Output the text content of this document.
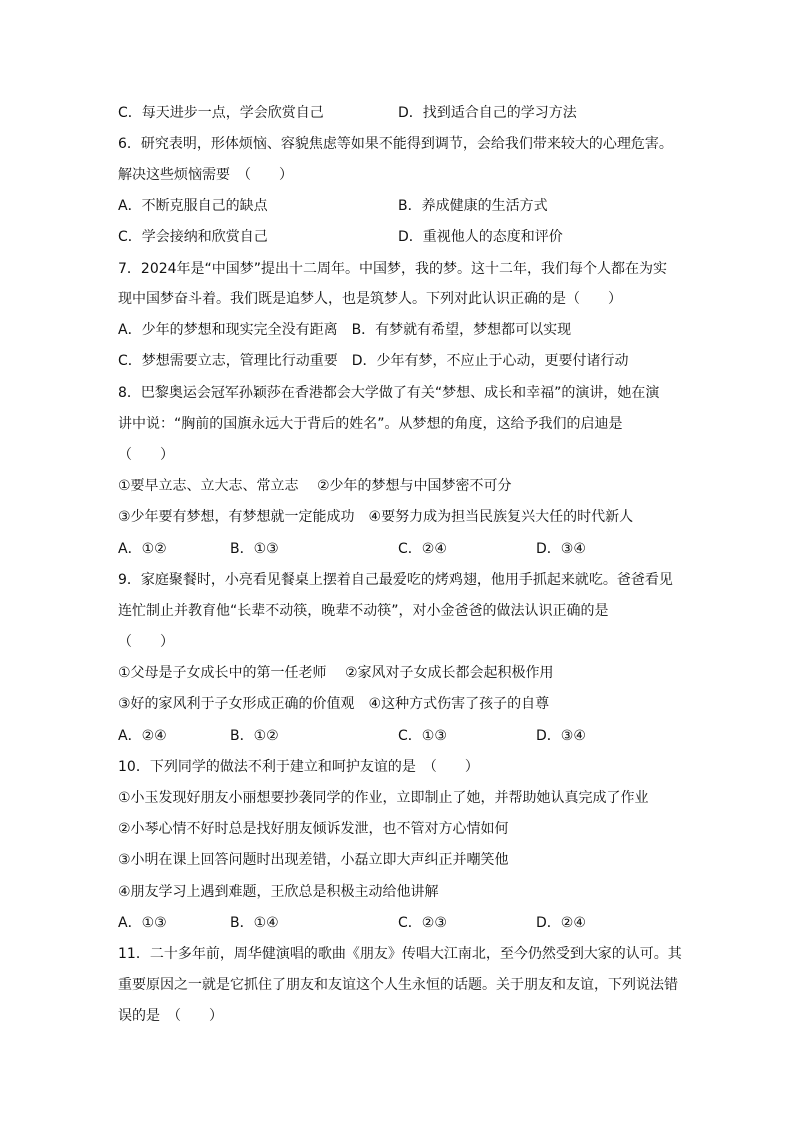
C．每天进步一点，学会欣赏自己	D．找到适合自己的学习方法
6．研究表明，形体烦恼、容貌焦虑等如果不能得到调节，会给我们带来较大的心理危害。
解决这些烦恼需要　（　　）
A．不断克服自己的缺点	B．养成健康的生活方式
C．学会接纳和欣赏自己	D．重视他人的态度和评价
7．2024年是“中国梦”提出十二周年。中国梦，我的梦。这十二年，我们每个人都在为实
现中国梦奋斗着。我们既是追梦人，也是筑梦人。下列对此认识正确的是（　　）
A．少年的梦想和现实完全没有距离　B．有梦就有希望，梦想都可以实现
C．梦想需要立志，管理比行动重要　D．少年有梦，不应止于心动，更要付诸行动
8．巴黎奥运会冠军孙颖莎在香港都会大学做了有关“梦想、成长和幸福”的演讲，她在演
讲中说：“胸前的国旗永远大于背后的姓名”。从梦想的角度，这给予我们的启迪是
（　　）
①要早立志、立大志、常立志　 ②少年的梦想与中国梦密不可分
③少年要有梦想，有梦想就一定能成功　④要努力成为担当民族复兴大任的时代新人
A．①②	B．①③	C．②④	D．③④
9．家庭聚餐时，小亮看见餐桌上摆着自己最爱吃的烤鸡翅，他用手抓起来就吃。爸爸看见
连忙制止并教育他“长辈不动筷，晚辈不动筷”，对小金爸爸的做法认识正确的是
（　　）
①父母是子女成长中的第一任老师　 ②家风对子女成长都会起积极作用
③好的家风利于子女形成正确的价值观　④这种方式伤害了孩子的自尊
A．②④	B．①②	C．①③	D．③④
10．下列同学的做法不利于建立和呵护友谊的是　（　　）
①小玉发现好朋友小丽想要抄袭同学的作业，立即制止了她，并帮助她认真完成了作业
②小琴心情不好时总是找好朋友倾诉发泄，也不管对方心情如何
③小明在课上回答问题时出现差错，小磊立即大声纠正并嘲笑他
④朋友学习上遇到难题，王欣总是积极主动给他讲解
A．①③	B．①④	C．②③	D．②④
11．二十多年前，周华健演唱的歌曲《朋友》传唱大江南北，至今仍然受到大家的认可。其
重要原因之一就是它抓住了朋友和友谊这个人生永恒的话题。关于朋友和友谊，下列说法错
误的是　（　　）
